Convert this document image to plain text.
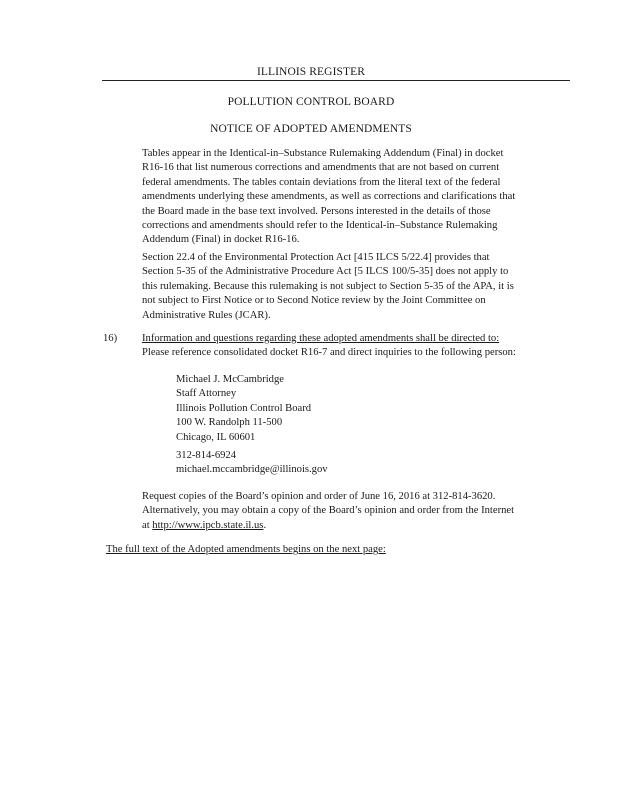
ILLINOIS REGISTER
POLLUTION CONTROL BOARD
NOTICE OF ADOPTED AMENDMENTS
Tables appear in the Identical-in–Substance Rulemaking Addendum (Final) in docket
R16-16 that list numerous corrections and amendments that are not based on current
federal amendments. The tables contain deviations from the literal text of the federal
amendments underlying these amendments, as well as corrections and clarifications that
the Board made in the base text involved. Persons interested in the details of those
corrections and amendments should refer to the Identical-in–Substance Rulemaking
Addendum (Final) in docket R16-16.
Section 22.4 of the Environmental Protection Act [415 ILCS 5/22.4] provides that
Section 5-35 of the Administrative Procedure Act [5 ILCS 100/5-35] does not apply to
this rulemaking. Because this rulemaking is not subject to Section 5-35 of the APA, it is
not subject to First Notice or to Second Notice review by the Joint Committee on
Administrative Rules (JCAR).
16) Information and questions regarding these adopted amendments shall be directed to:
Please reference consolidated docket R16-7 and direct inquiries to the following person:
Michael J. McCambridge
Staff Attorney
Illinois Pollution Control Board
100 W. Randolph 11-500
Chicago, IL 60601
312-814-6924
michael.mccambridge@illinois.gov
Request copies of the Board’s opinion and order of June 16, 2016 at 312-814-3620.
Alternatively, you may obtain a copy of the Board’s opinion and order from the Internet
at http://www.ipcb.state.il.us.
The full text of the Adopted amendments begins on the next page:
